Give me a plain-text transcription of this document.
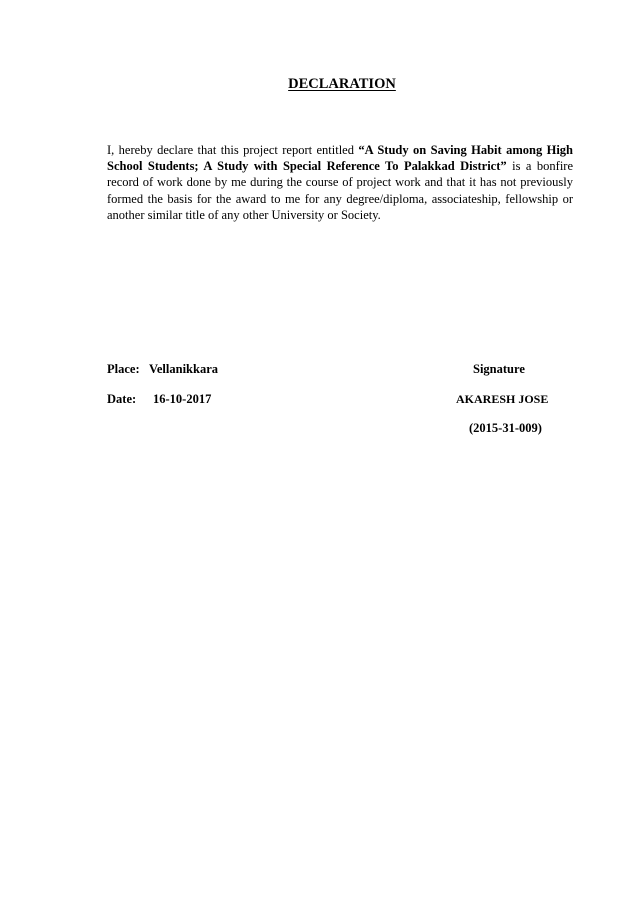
DECLARATION
I, hereby declare that this project report entitled “A Study on Saving Habit among High School Students; A Study with Special Reference To Palakkad District” is a bonfire record of work done by me during the course of project work and that it has not previously formed the basis for the award to me for any degree/diploma, associateship, fellowship or another similar title of any other University or Society.
Place: Vellanikkara
Date: 16-10-2017
Signature
AKARESH JOSE
(2015-31-009)
